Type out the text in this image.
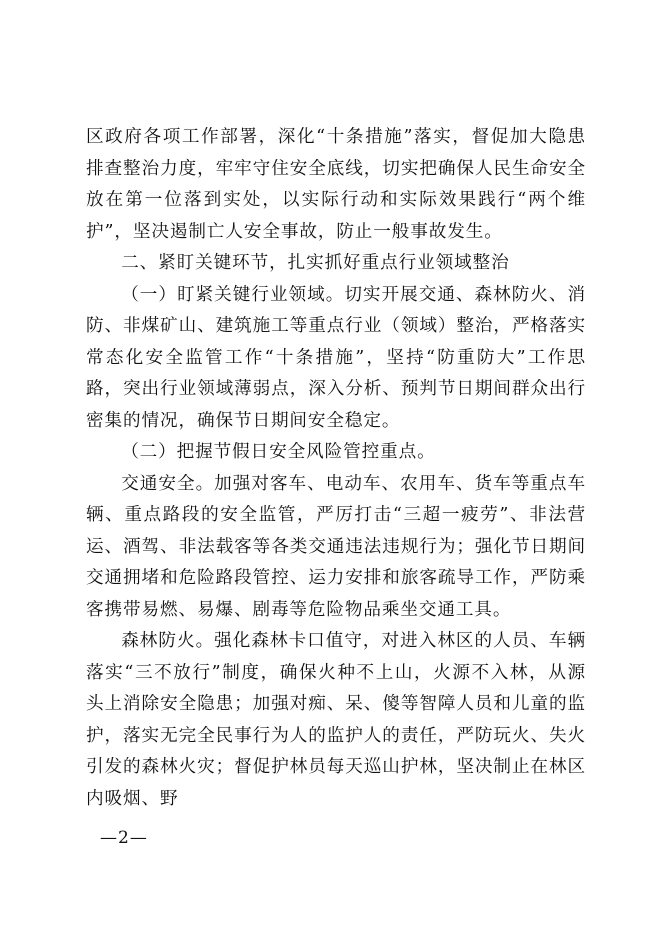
区政府各项工作部署，深化“十条措施”落实，督促加大隐患排查整治力度，牢牢守住安全底线，切实把确保人民生命安全放在第一位落到实处，以实际行动和实际效果践行“两个维护”，坚决遏制亡人安全事故，防止一般事故发生。

二、紧盯关键环节，扎实抓好重点行业领域整治

（一）盯紧关键行业领域。切实开展交通、森林防火、消防、非煤矿山、建筑施工等重点行业（领域）整治，严格落实常态化安全监管工作“十条措施”，坚持“防重防大”工作思路，突出行业领域薄弱点，深入分析、预判节日期间群众出行密集的情况，确保节日期间安全稳定。

（二）把握节假日安全风险管控重点。

交通安全。加强对客车、电动车、农用车、货车等重点车辆、重点路段的安全监管，严厉打击“三超一疲劳”、非法营运、酒驾、非法载客等各类交通违法违规行为；强化节日期间交通拥堵和危险路段管控、运力安排和旅客疏导工作，严防乘客携带易燃、易爆、剧毒等危险物品乘坐交通工具。

森林防火。强化森林卡口值守，对进入林区的人员、车辆落实“三不放行”制度，确保火种不上山，火源不入林，从源头上消除安全隐患；加强对痴、呆、傻等智障人员和儿童的监护，落实无完全民事行为人的监护人的责任，严防玩火、失火引发的森林火灾；督促护林员每天巡山护林，坚决制止在林区内吸烟、野

—2—
